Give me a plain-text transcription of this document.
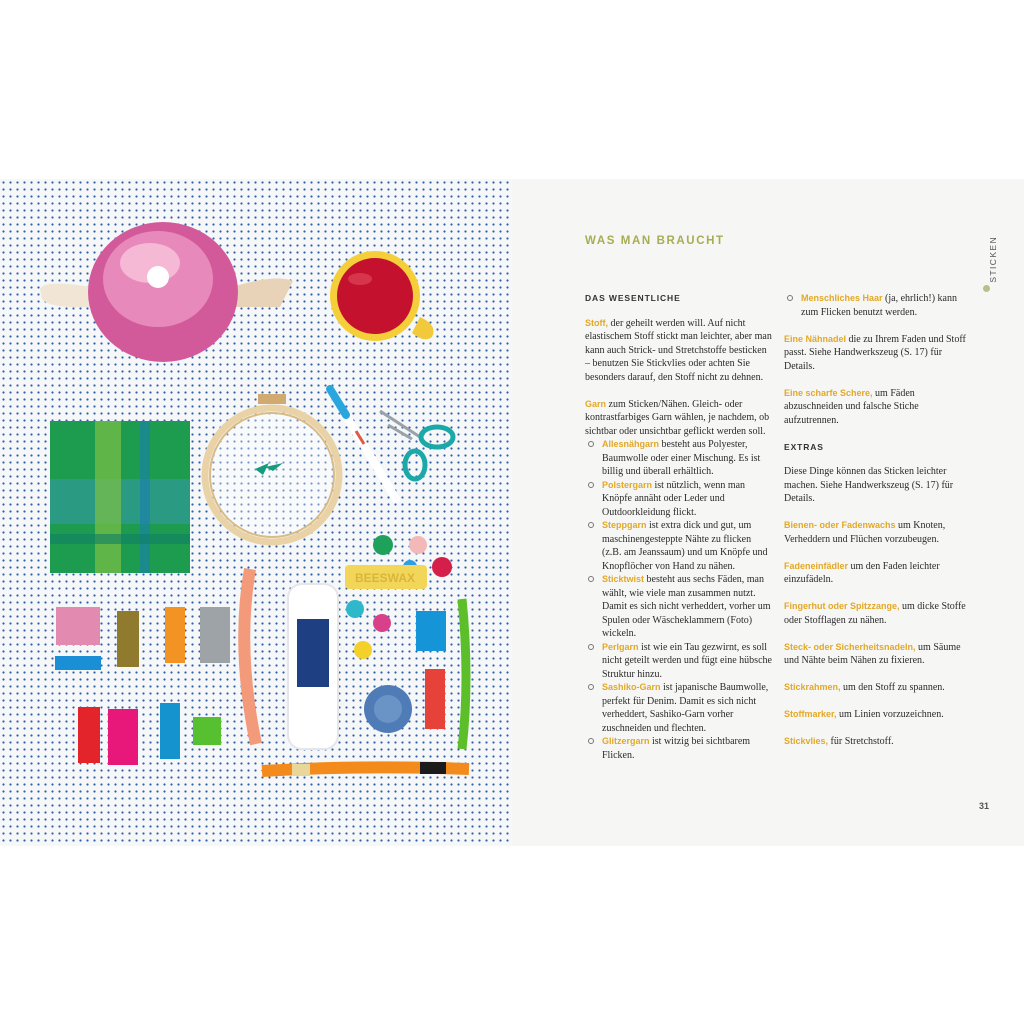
BEESWAX
WAS MAN BRAUCHT	STICKEN
DAS WESENTLICHE

Stoff, der geheilt werden will. Auf nicht elastischem Stoff stickt man leichter, aber man kann auch Strick- und Stretchstoffe besticken – benutzen Sie Stickvlies oder achten Sie besonders darauf, den Stoff nicht zu dehnen.

Garn zum Sticken/Nähen. Gleich- oder kontrastfarbiges Garn wählen, je nachdem, ob sichtbar oder unsichtbar geflickt werden soll.

Allesnähgarn besteht aus Polyester, Baumwolle oder einer Mischung. Es ist billig und überall erhältlich.
Polstergarn ist nützlich, wenn man Knöpfe annäht oder Leder und Outdoorkleidung flickt.
Steppgarn ist extra dick und gut, um maschinengesteppte Nähte zu flicken (z.B. am Jeanssaum) und um Knöpfe und Knopflöcher von Hand zu nähen.
Sticktwist besteht aus sechs Fäden, man wählt, wie viele man zusammen nutzt. Damit es sich nicht verheddert, vorher um Spulen oder Wäscheklammern (Foto) wickeln.
Perlgarn ist wie ein Tau gezwirnt, es soll nicht geteilt werden und fügt eine hübsche Struktur hinzu.
Sashiko-Garn ist japanische Baumwolle, perfekt für Denim. Damit es sich nicht verheddert, Sashiko-Garn vorher zuschneiden und flechten.
Glitzergarn ist witzig bei sichtbarem Flicken.
Menschliches Haar (ja, ehrlich!) kann zum Flicken benutzt werden.

Eine Nähnadel die zu Ihrem Faden und Stoff passt. Siehe Handwerkszeug (S. 17) für Details.

Eine scharfe Schere, um Fäden abzuschneiden und falsche Stiche aufzutrennen.

EXTRAS

Diese Dinge können das Sticken leichter machen. Siehe Handwerkszeug (S. 17) für Details.

Bienen- oder Fadenwachs um Knoten, Verheddern und Flüchen vorzubeugen.

Fadeneinfädler um den Faden leichter einzufädeln.

Fingerhut oder Spitzzange, um dicke Stoffe oder Stofflagen zu nähen.

Steck- oder Sicherheitsnadeln, um Säume und Nähte beim Nähen zu fixieren.

Stickrahmen, um den Stoff zu spannen.

Stoffmarker, um Linien vorzuzeichnen.

Stickvlies, für Stretchstoff.

31
